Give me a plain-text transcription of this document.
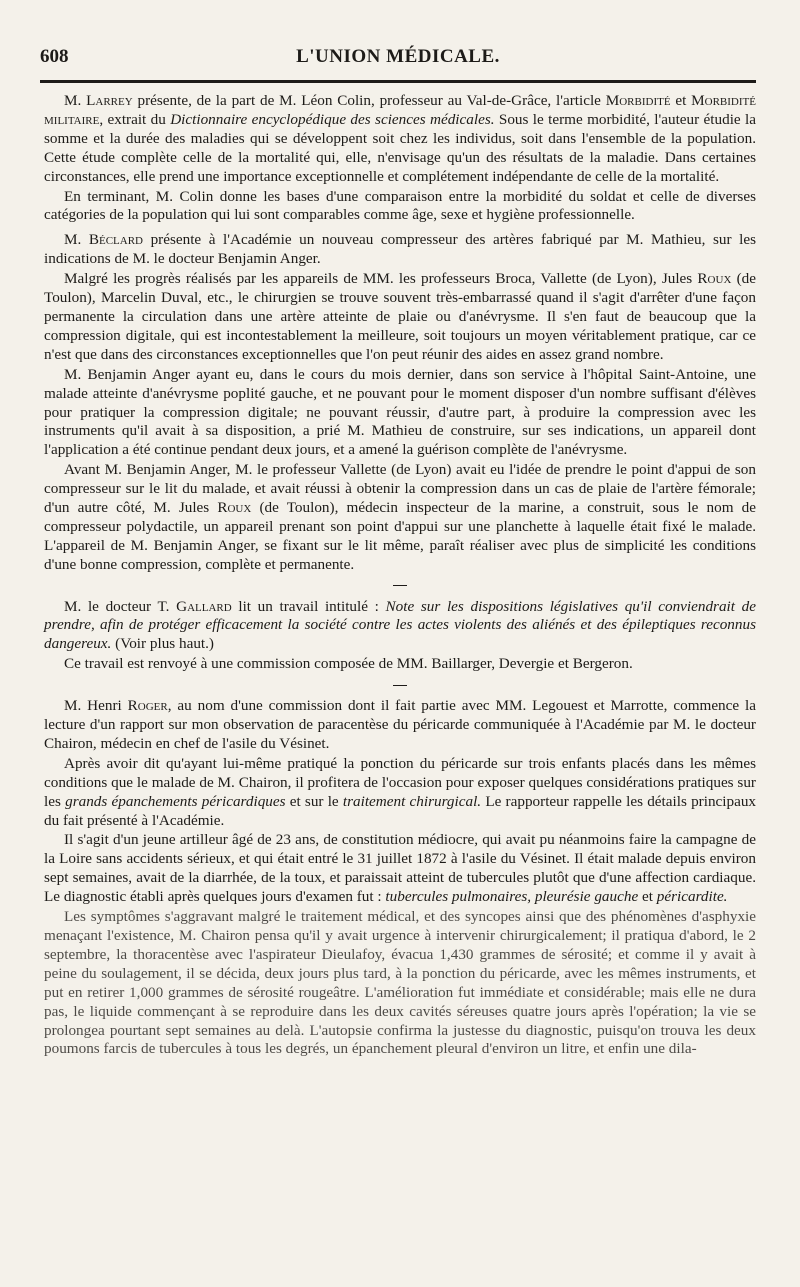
608	L'UNION MÉDICALE.

M. Larrey présente, de la part de M. Léon Colin, professeur au Val-de-Grâce, l'article Morbidité et Morbidité militaire, extrait du Dictionnaire encyclopédique des sciences médicales. Sous le terme morbidité, l'auteur étudie la somme et la durée des maladies qui se développent soit chez les individus, soit dans l'ensemble de la population. Cette étude complète celle de la mortalité qui, elle, n'envisage qu'un des résultats de la maladie. Dans certaines circonstances, elle prend une importance exceptionnelle et complétement indépendante de celle de la mortalité.

En terminant, M. Colin donne les bases d'une comparaison entre la morbidité du soldat et celle de diverses catégories de la population qui lui sont comparables comme âge, sexe et hygiène professionnelle.

M. Béclard présente à l'Académie un nouveau compresseur des artères fabriqué par M. Mathieu, sur les indications de M. le docteur Benjamin Anger.

Malgré les progrès réalisés par les appareils de MM. les professeurs Broca, Vallette (de Lyon), Jules Roux (de Toulon), Marcelin Duval, etc., le chirurgien se trouve souvent très-embarrassé quand il s'agit d'arrêter d'une façon permanente la circulation dans une artère atteinte de plaie ou d'anévrysme. Il s'en faut de beaucoup que la compression digitale, qui est incontestablement la meilleure, soit toujours un moyen véritablement pratique, car ce n'est que dans des circonstances exceptionnelles que l'on peut réunir des aides en assez grand nombre.

M. Benjamin Anger ayant eu, dans le cours du mois dernier, dans son service à l'hôpital Saint-Antoine, une malade atteinte d'anévrysme poplité gauche, et ne pouvant pour le moment disposer d'un nombre suffisant d'élèves pour pratiquer la compression digitale; ne pouvant réussir, d'autre part, à produire la compression avec les instruments qu'il avait à sa disposition, a prié M. Mathieu de construire, sur ses indications, un appareil dont l'application a été continue pendant deux jours, et a amené la guérison complète de l'anévrysme.

Avant M. Benjamin Anger, M. le professeur Vallette (de Lyon) avait eu l'idée de prendre le point d'appui de son compresseur sur le lit du malade, et avait réussi à obtenir la compression dans un cas de plaie de l'artère fémorale; d'un autre côté, M. Jules Roux (de Toulon), médecin inspecteur de la marine, a construit, sous le nom de compresseur polydactile, un appareil prenant son point d'appui sur une planchette à laquelle était fixé le malade. L'appareil de M. Benjamin Anger, se fixant sur le lit même, paraît réaliser avec plus de simplicité les conditions d'une bonne compression, complète et permanente.

M. le docteur T. Gallard lit un travail intitulé : Note sur les dispositions législatives qu'il conviendrait de prendre, afin de protéger efficacement la société contre les actes violents des aliénés et des épileptiques reconnus dangereux. (Voir plus haut.)

Ce travail est renvoyé à une commission composée de MM. Baillarger, Devergie et Bergeron.

M. Henri Roger, au nom d'une commission dont il fait partie avec MM. Legouest et Marrotte, commence la lecture d'un rapport sur mon observation de paracentèse du péricarde communiquée à l'Académie par M. le docteur Chairon, médecin en chef de l'asile du Vésinet.

Après avoir dit qu'ayant lui-même pratiqué la ponction du péricarde sur trois enfants placés dans les mêmes conditions que le malade de M. Chairon, il profitera de l'occasion pour exposer quelques considérations pratiques sur les grands épanchements péricardiques et sur le traitement chirurgical. Le rapporteur rappelle les détails principaux du fait présenté à l'Académie.

Il s'agit d'un jeune artilleur âgé de 23 ans, de constitution médiocre, qui avait pu néanmoins faire la campagne de la Loire sans accidents sérieux, et qui était entré le 31 juillet 1872 à l'asile du Vésinet. Il était malade depuis environ sept semaines, avait de la diarrhée, de la toux, et paraissait atteint de tubercules plutôt que d'une affection cardiaque. Le diagnostic établi après quelques jours d'examen fut : tubercules pulmonaires, pleurésie gauche et péricardite.

Les symptômes s'aggravant malgré le traitement médical, et des syncopes ainsi que des phénomènes d'asphyxie menaçant l'existence, M. Chairon pensa qu'il y avait urgence à intervenir chirurgicalement; il pratiqua d'abord, le 2 septembre, la thoracentèse avec l'aspirateur Dieulafoy, évacua 1,430 grammes de sérosité; et comme il y avait à peine du soulagement, il se décida, deux jours plus tard, à la ponction du péricarde, avec les mêmes instruments, et put en retirer 1,000 grammes de sérosité rougeâtre. L'amélioration fut immédiate et considérable; mais elle ne dura pas, le liquide commençant à se reproduire dans les deux cavités séreuses quatre jours après l'opération; la vie se prolongea pourtant sept semaines au delà. L'autopsie confirma la justesse du diagnostic, puisqu'on trouva les deux poumons farcis de tubercules à tous les degrés, un épanchement pleural d'environ un litre, et enfin une dila-
